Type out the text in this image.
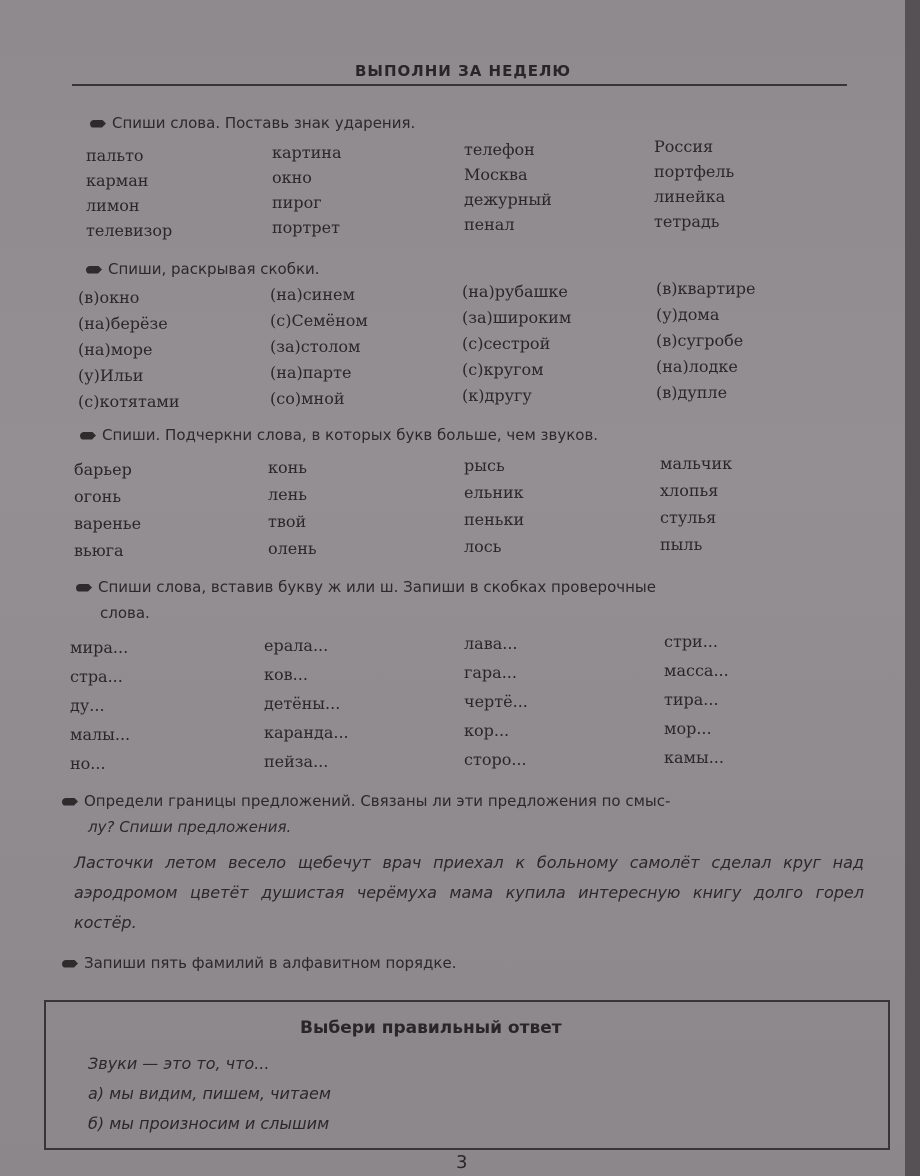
ВЫПОЛНИ ЗА НЕДЕЛЮ
Спиши слова. Поставь знак ударения.
пальто
карман
лимон
телевизор
картина
окно
пирог
портрет
телефон
Москва
дежурный
пенал
Россия
портфель
линейка
тетрадь
Спиши, раскрывая скобки.
(в)окно
(на)берёзе
(на)море
(у)Ильи
(с)котятами
(на)синем
(с)Семёном
(за)столом
(на)парте
(со)мной
(на)рубашке
(за)широким
(с)сестрой
(с)кругом
(к)другу
(в)квартире
(у)дома
(в)сугробе
(на)лодке
(в)дупле
Спиши. Подчеркни слова, в которых букв больше, чем звуков.
барьер
огонь
варенье
вьюга
конь
лень
твой
олень
рысь
ельник
пеньки
лось
мальчик
хлопья
стулья
пыль
Спиши слова, вставив букву ж или ш. Запиши в скобках проверочные
слова.
мира...
стра...
ду...
малы...
но...
ерала...
ков...
детёны...
каранда...
пейза...
лава...
гара...
чертё...
кор...
сторо...
стри...
масса...
тира...
мор...
камы...
Определи границы предложений. Связаны ли эти предложения по смыс-
лу? Спиши предложения.
Ласточки летом весело щебечут врач приехал к больному самолёт сделал круг над аэродромом цветёт душистая черёмуха мама купила интересную книгу долго горел костёр.
Запиши пять фамилий в алфавитном порядке.
Выбери правильный ответ
Звуки — это то, что...
а) мы видим, пишем, читаем
б) мы произносим и слышим
3
